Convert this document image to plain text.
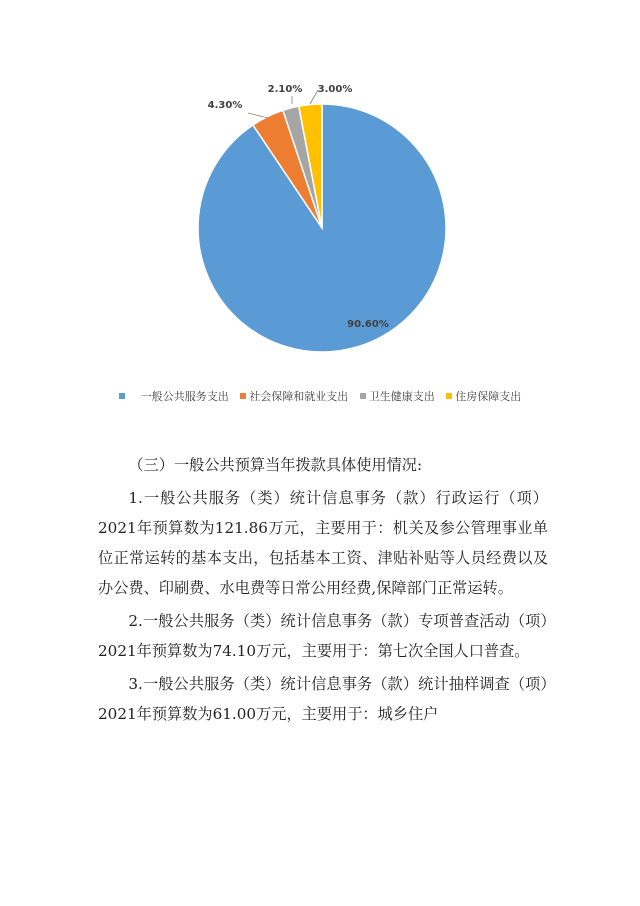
90.60%
4.30%
2.10% 3.00%
一般公共服务支出 社会保障和就业支出 卫生健康支出 住房保障支出

（三）一般公共预算当年拨款具体使用情况:

1.一般公共服务（类）统计信息事务（款）行政运行（项）2021年预算数为121.86万元，主要用于：机关及参公管理事业单位正常运转的基本支出，包括基本工资、津贴补贴等人员经费以及办公费、印刷费、水电费等日常公用经费,保障部门正常运转。

2.一般公共服务（类）统计信息事务（款）专项普查活动（项）2021年预算数为74.10万元，主要用于：第七次全国人口普查。

3.一般公共服务（类）统计信息事务（款）统计抽样调查（项）2021年预算数为61.00万元，主要用于：城乡住户
